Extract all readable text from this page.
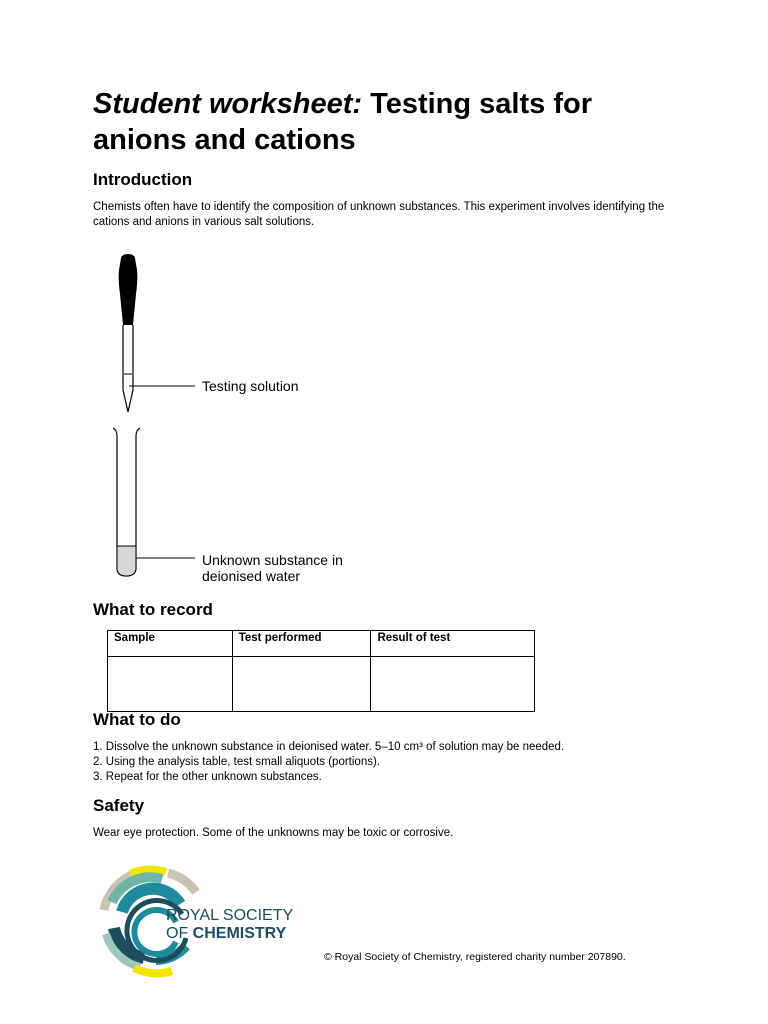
Student worksheet: Testing salts for anions and cations
Introduction

Chemists often have to identify the composition of unknown substances. This experiment involves identifying the cations and anions in various salt solutions.

Testing solution
Unknown substance in
deionised water
What to record
Sample	Test performed	Result of test

What to do
1. Dissolve the unknown substance in deionised water. 5–10 cm³ of solution may be needed.
2. Using the analysis table, test small aliquots (portions).
3. Repeat for the other unknown substances.
Safety

Wear eye protection. Some of the unknowns may be toxic or corrosive.

ROYAL SOCIETY
OF CHEMISTRY
© Royal Society of Chemistry, registered charity number 207890.
